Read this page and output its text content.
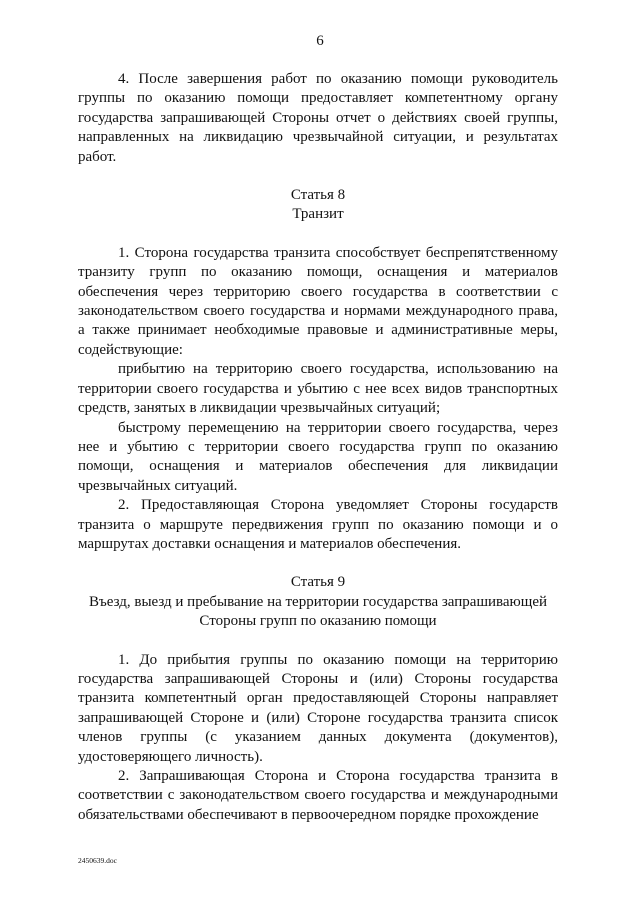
6

4. После завершения работ по оказанию помощи руководитель группы по оказанию помощи предоставляет компетентному органу государства запрашивающей Стороны отчет о действиях своей группы, направленных на ликвидацию чрезвычайной ситуации, и результатах работ.

Статья 8

Транзит

1. Сторона государства транзита способствует беспрепятственному транзиту групп по оказанию помощи, оснащения и материалов обеспечения через территорию своего государства в соответствии с законодательством своего государства и нормами международного права, а также принимает необходимые правовые и административные меры, содействующие:

прибытию на территорию своего государства, использованию на территории своего государства и убытию с нее всех видов транспортных средств, занятых в ликвидации чрезвычайных ситуаций;

быстрому перемещению на территории своего государства, через нее и убытию с территории своего государства групп по оказанию помощи, оснащения и материалов обеспечения для ликвидации чрезвычайных ситуаций.

2. Предоставляющая Сторона уведомляет Стороны государств транзита о маршруте передвижения групп по оказанию помощи и о маршрутах доставки оснащения и материалов обеспечения.

Статья 9

Въезд, выезд и пребывание на территории государства запрашивающей

Стороны групп по оказанию помощи

1. До прибытия группы по оказанию помощи на территорию государства запрашивающей Стороны и (или) Стороны государства транзита компетентный орган предоставляющей Стороны направляет запрашивающей Стороне и (или) Стороне государства транзита список членов группы (с указанием данных документа (документов), удостоверяющего личность).

2. Запрашивающая Сторона и Сторона государства транзита в соответствии с законодательством своего государства и международными обязательствами обеспечивают в первоочередном порядке прохождение

2450639.doc
